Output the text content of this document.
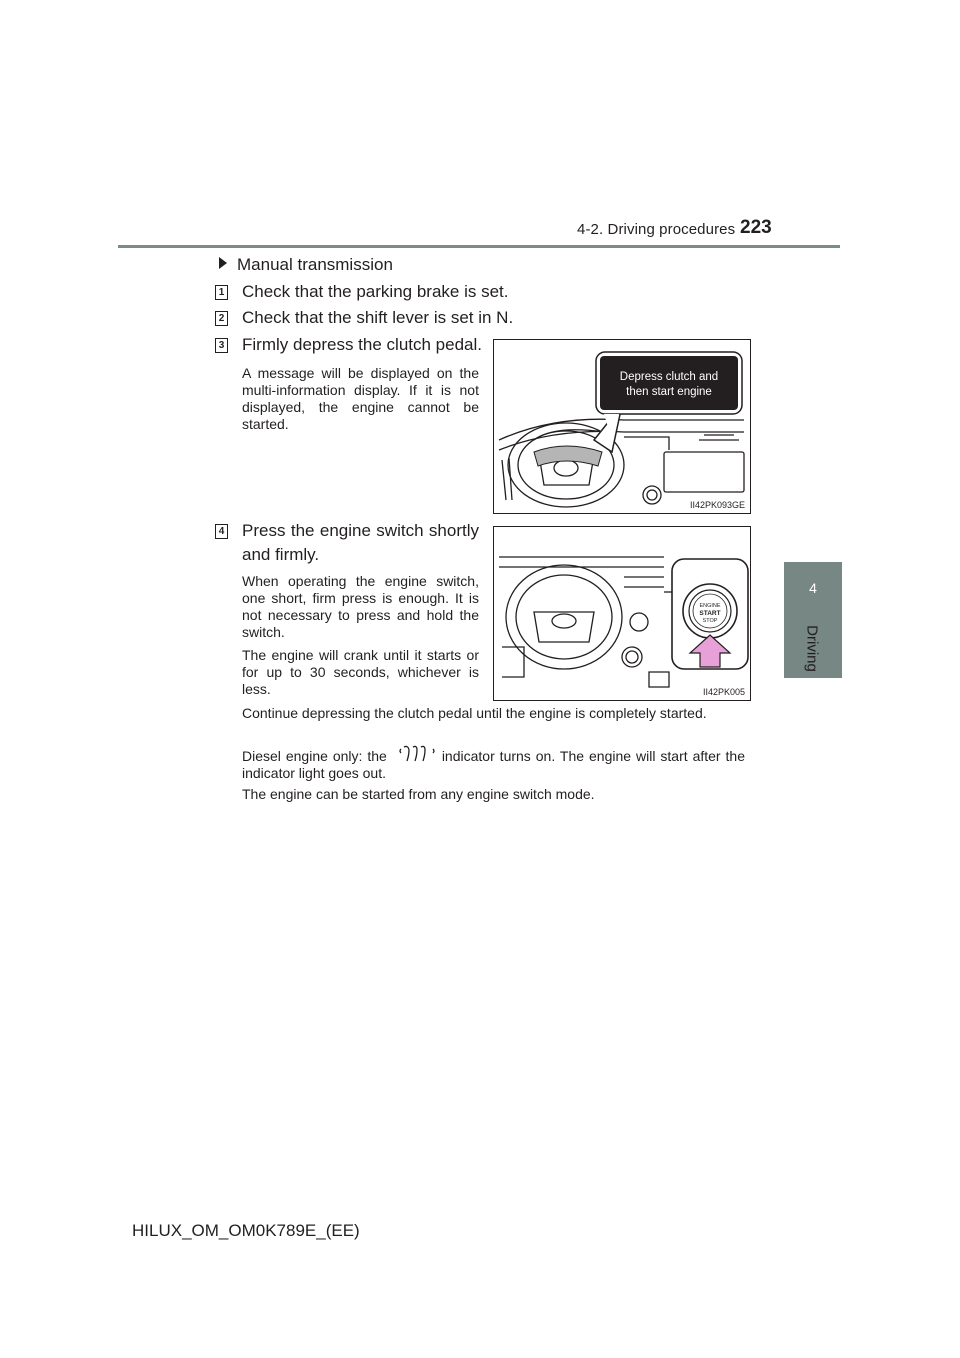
4-2. Driving procedures 223
4
Driving
Manual transmission
1 Check that the parking brake is set.
2 Check that the shift lever is set in N.
3 Firmly depress the clutch pedal.
A message will be displayed on the multi-information display. If it is not displayed, the engine cannot be started.
Depress clutch and
then start engine
II42PK093GE
4 Press the engine switch shortly
and firmly.
When operating the engine switch, one short, firm press is enough. It is not necessary to press and hold the switch.
The engine will crank until it starts or for up to 30 seconds, whichever is less.
ENGINE
START
STOP
II42PK005
Continue depressing the clutch pedal until the engine is completely started.
Diesel engine only: the	indicator turns on. The engine will start after the indicator light goes out.
The engine can be started from any engine switch mode.
HILUX_OM_OM0K789E_(EE)
